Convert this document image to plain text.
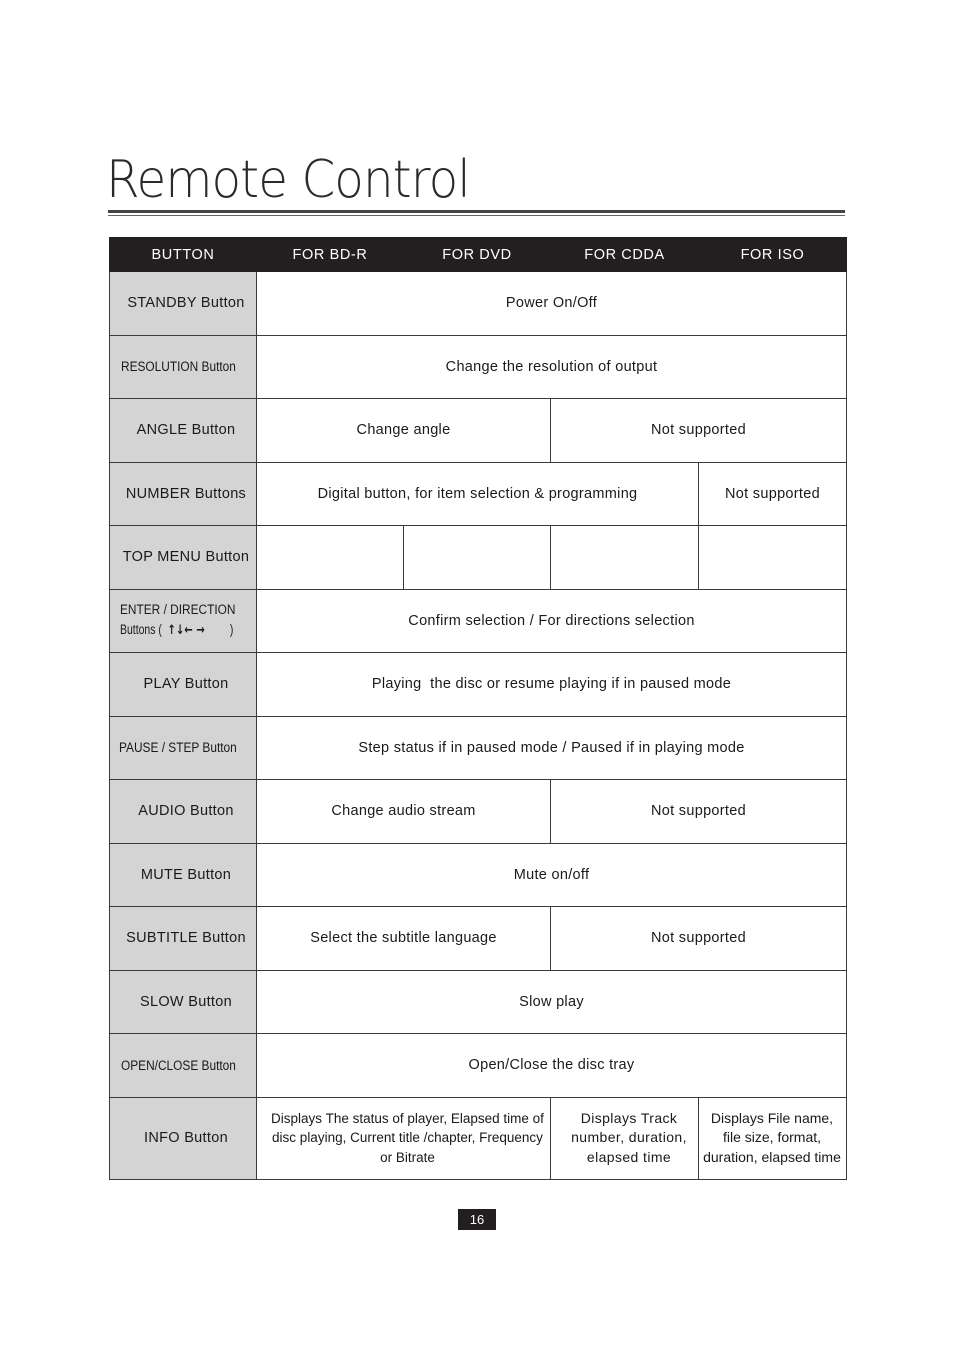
Remote Control
BUTTON	FOR BD-R	FOR DVD	FOR CDDA	FOR ISO
STANDBY Button	Power On/Off			
RESOLUTION Button	Change the resolution of output			
ANGLE Button	Change angle		Not supported	
NUMBER Buttons	Digital button, for item selection & programming			Not supported
TOP MENU Button				
ENTER / DIRECTION Buttons ( ↑↓← → )	Confirm selection / For directions selection			
PLAY Button	Playing  the disc or resume playing if in paused mode			
PAUSE / STEP Button	Step status if in paused mode / Paused if in playing mode			
AUDIO Button	Change audio stream		Not supported	
MUTE Button	Mute on/off			
SUBTITLE Button	Select the subtitle language		Not supported	
SLOW Button	Slow play			
OPEN/CLOSE Button	Open/Close the disc tray			
INFO Button	Displays The status of player, Elapsed time of disc playing, Current title /chapter, Frequency or Bitrate		Displays Track number, duration, elapsed time	Displays File name, file size, format, duration, elapsed time
16
